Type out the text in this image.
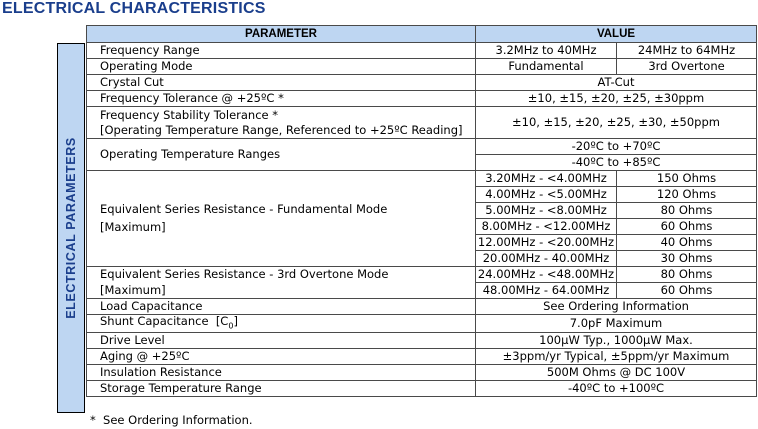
ELECTRICAL CHARACTERISTICS
ELECTRICAL PARAMETERS
PARAMETER	VALUE	
Frequency Range	3.2MHz to 40MHz	24MHz to 64MHz
Operating Mode	Fundamental	3rd Overtone
Crystal Cut	AT-Cut	
Frequency Tolerance @ +25ºC *	±10, ±15, ±20, ±25, ±30ppm	

Frequency Stability Tolerance *
[Operating Temperature Range, Referenced to +25ºC Reading]	±10, ±15, ±20, ±25, ±30, ±50ppm	
Operating Temperature Ranges	-20ºC to +70ºC	
	-40ºC to +85ºC	

Equivalent Series Resistance - Fundamental Mode
[Maximum]	3.20MHz - <4.00MHz	150 Ohms
	4.00MHz - <5.00MHz	120 Ohms
	5.00MHz - <8.00MHz	80 Ohms
	8.00MHz - <12.00MHz	60 Ohms
	12.00MHz - <20.00MHz	40 Ohms
	20.00MHz - 40.00MHz	30 Ohms

Equivalent Series Resistance - 3rd Overtone Mode
[Maximum]	24.00MHz - <48.00MHz	80 Ohms
	48.00MHz - 64.00MHz	60 Ohms
Load Capacitance	See Ordering Information	
Shunt Capacitance  $[C_0]$	7.0pF Maximum	
Drive Level	100µW Typ., 1000µW Max.	
Aging @ +25ºC	±3ppm/yr Typical, ±5ppm/yr Maximum	
Insulation Resistance	500M Ohms @ DC 100V	
Storage Temperature Range	-40ºC to +100ºC	
*  See Ordering Information.
